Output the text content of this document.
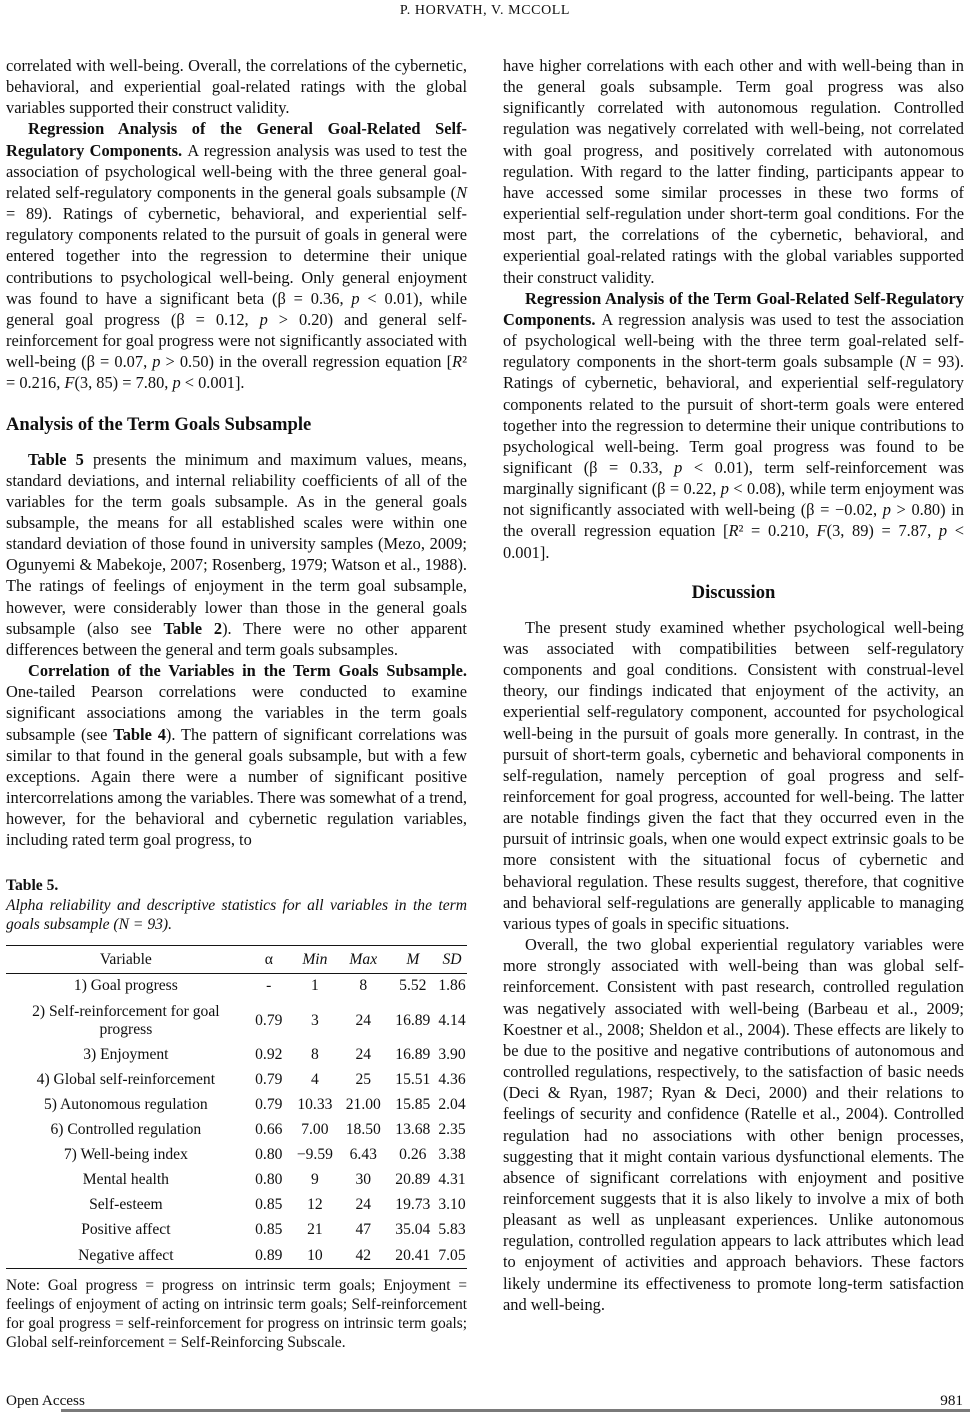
P. HORVATH, V. MCCOLL

correlated with well-being. Overall, the correlations of the cybernetic, behavioral, and experiential goal-related ratings with the global variables supported their construct validity.

Regression Analysis of the General Goal-Related Self-Regulatory Components. A regression analysis was used to test the association of psychological well-being with the three general goal-related self-regulatory components in the general goals subsample (N = 89). Ratings of cybernetic, behavioral, and experiential self-regulatory components related to the pursuit of goals in general were entered together into the regression to determine their unique contributions to psychological well-being. Only general enjoyment was found to have a significant beta (β = 0.36, p < 0.01), while general goal progress (β = 0.12, p > 0.20) and general self-reinforcement for goal progress were not significantly associated with well-being (β = 0.07, p > 0.50) in the overall regression equation [R² = 0.216, F(3, 85) = 7.80, p < 0.001].

Analysis of the Term Goals Subsample

Table 5 presents the minimum and maximum values, means, standard deviations, and internal reliability coefficients of all of the variables for the term goals subsample. As in the general goals subsample, the means for all established scales were within one standard deviation of those found in university samples (Mezo, 2009; Ogunyemi & Mabekoje, 2007; Rosenberg, 1979; Watson et al., 1988). The ratings of feelings of enjoyment in the term goal subsample, however, were considerably lower than those in the general goals subsample (also see Table 2). There were no other apparent differences between the general and term goals subsamples.

Correlation of the Variables in the Term Goals Subsample. One-tailed Pearson correlations were conducted to examine significant associations among the variables in the term goals subsample (see Table 4). The pattern of significant correlations was similar to that found in the general goals subsample, but with a few exceptions. Again there were a number of significant positive intercorrelations among the variables. There was somewhat of a trend, however, for the behavioral and cybernetic regulation variables, including rated term goal progress, to

Table 5.
Alpha reliability and descriptive statistics for all variables in the term goals subsample (N = 93).
Variable	α	Min	Max	M	SD
1) Goal progress	-	1	8	5.52	1.86
2) Self-reinforcement for goal progress	0.79	3	24	16.89	4.14
3) Enjoyment	0.92	8	24	16.89	3.90
4) Global self-reinforcement	0.79	4	25	15.51	4.36
5) Autonomous regulation	0.79	10.33	21.00	15.85	2.04
6) Controlled regulation	0.66	7.00	18.50	13.68	2.35
7) Well-being index	0.80	−9.59	6.43	0.26	3.38
Mental health	0.80	9	30	20.89	4.31
Self-esteem	0.85	12	24	19.73	3.10
Positive affect	0.85	21	47	35.04	5.83
Negative affect	0.89	10	42	20.41	7.05
Note: Goal progress = progress on intrinsic term goals; Enjoyment = feelings of enjoyment of acting on intrinsic term goals; Self-reinforcement for goal progress = self-reinforcement for progress on intrinsic term goals; Global self-reinforcement = Self-Reinforcing Subscale.

have higher correlations with each other and with well-being than in the general goals subsample. Term goal progress was also significantly correlated with autonomous regulation. Controlled regulation was negatively correlated with well-being, not correlated with goal progress, and positively correlated with autonomous regulation. With regard to the latter finding, participants appear to have accessed some similar processes in these two forms of experiential self-regulation under short-term goal conditions. For the most part, the correlations of the cybernetic, behavioral, and experiential goal-related ratings with the global variables supported their construct validity.

Regression Analysis of the Term Goal-Related Self-Regulatory Components. A regression analysis was used to test the association of psychological well-being with the three term goal-related self-regulatory components in the short-term goals subsample (N = 93). Ratings of cybernetic, behavioral, and experiential self-regulatory components related to the pursuit of short-term goals were entered together into the regression to determine their unique contributions to psychological well-being. Term goal progress was found to be significant (β = 0.33, p < 0.01), term self-reinforcement was marginally significant (β = 0.22, p < 0.08), while term enjoyment was not significantly associated with well-being (β = −0.02, p > 0.80) in the overall regression equation [R² = 0.210, F(3, 89) = 7.87, p < 0.001].

Discussion

The present study examined whether psychological well-being was associated with compatibilities between self-regulatory components and goal conditions. Consistent with construal-level theory, our findings indicated that enjoyment of the activity, an experiential self-regulatory component, accounted for psychological well-being in the pursuit of goals more generally. In contrast, in the pursuit of short-term goals, cybernetic and behavioral components in self-regulation, namely perception of goal progress and self-reinforcement for goal progress, accounted for well-being. The latter are notable findings given the fact that they occurred even in the pursuit of intrinsic goals, when one would expect extrinsic goals to be more consistent with the situational focus of cybernetic and behavioral regulation. These results suggest, therefore, that cognitive and behavioral self-regulations are generally applicable to managing various types of goals in specific situations.

Overall, the two global experiential regulatory variables were more strongly associated with well-being than was global self-reinforcement. Consistent with past research, controlled regulation was negatively associated with well-being (Barbeau et al., 2009; Koestner et al., 2008; Sheldon et al., 2004). These effects are likely to be due to the positive and negative contributions of autonomous and controlled regulations, respectively, to the satisfaction of basic needs (Deci & Ryan, 1987; Ryan & Deci, 2000) and their relations to feelings of security and confidence (Ratelle et al., 2004). Controlled regulation had no associations with other benign processes, suggesting that it might contain various dysfunctional elements. The absence of significant correlations with enjoyment and positive reinforcement suggests that it is also likely to involve a mix of both pleasant as well as unpleasant experiences. Unlike autonomous regulation, controlled regulation appears to lack attributes which lead to enjoyment of activities and approach behaviors. These factors likely undermine its effectiveness to promote long-term satisfaction and well-being.

Open Access	981
